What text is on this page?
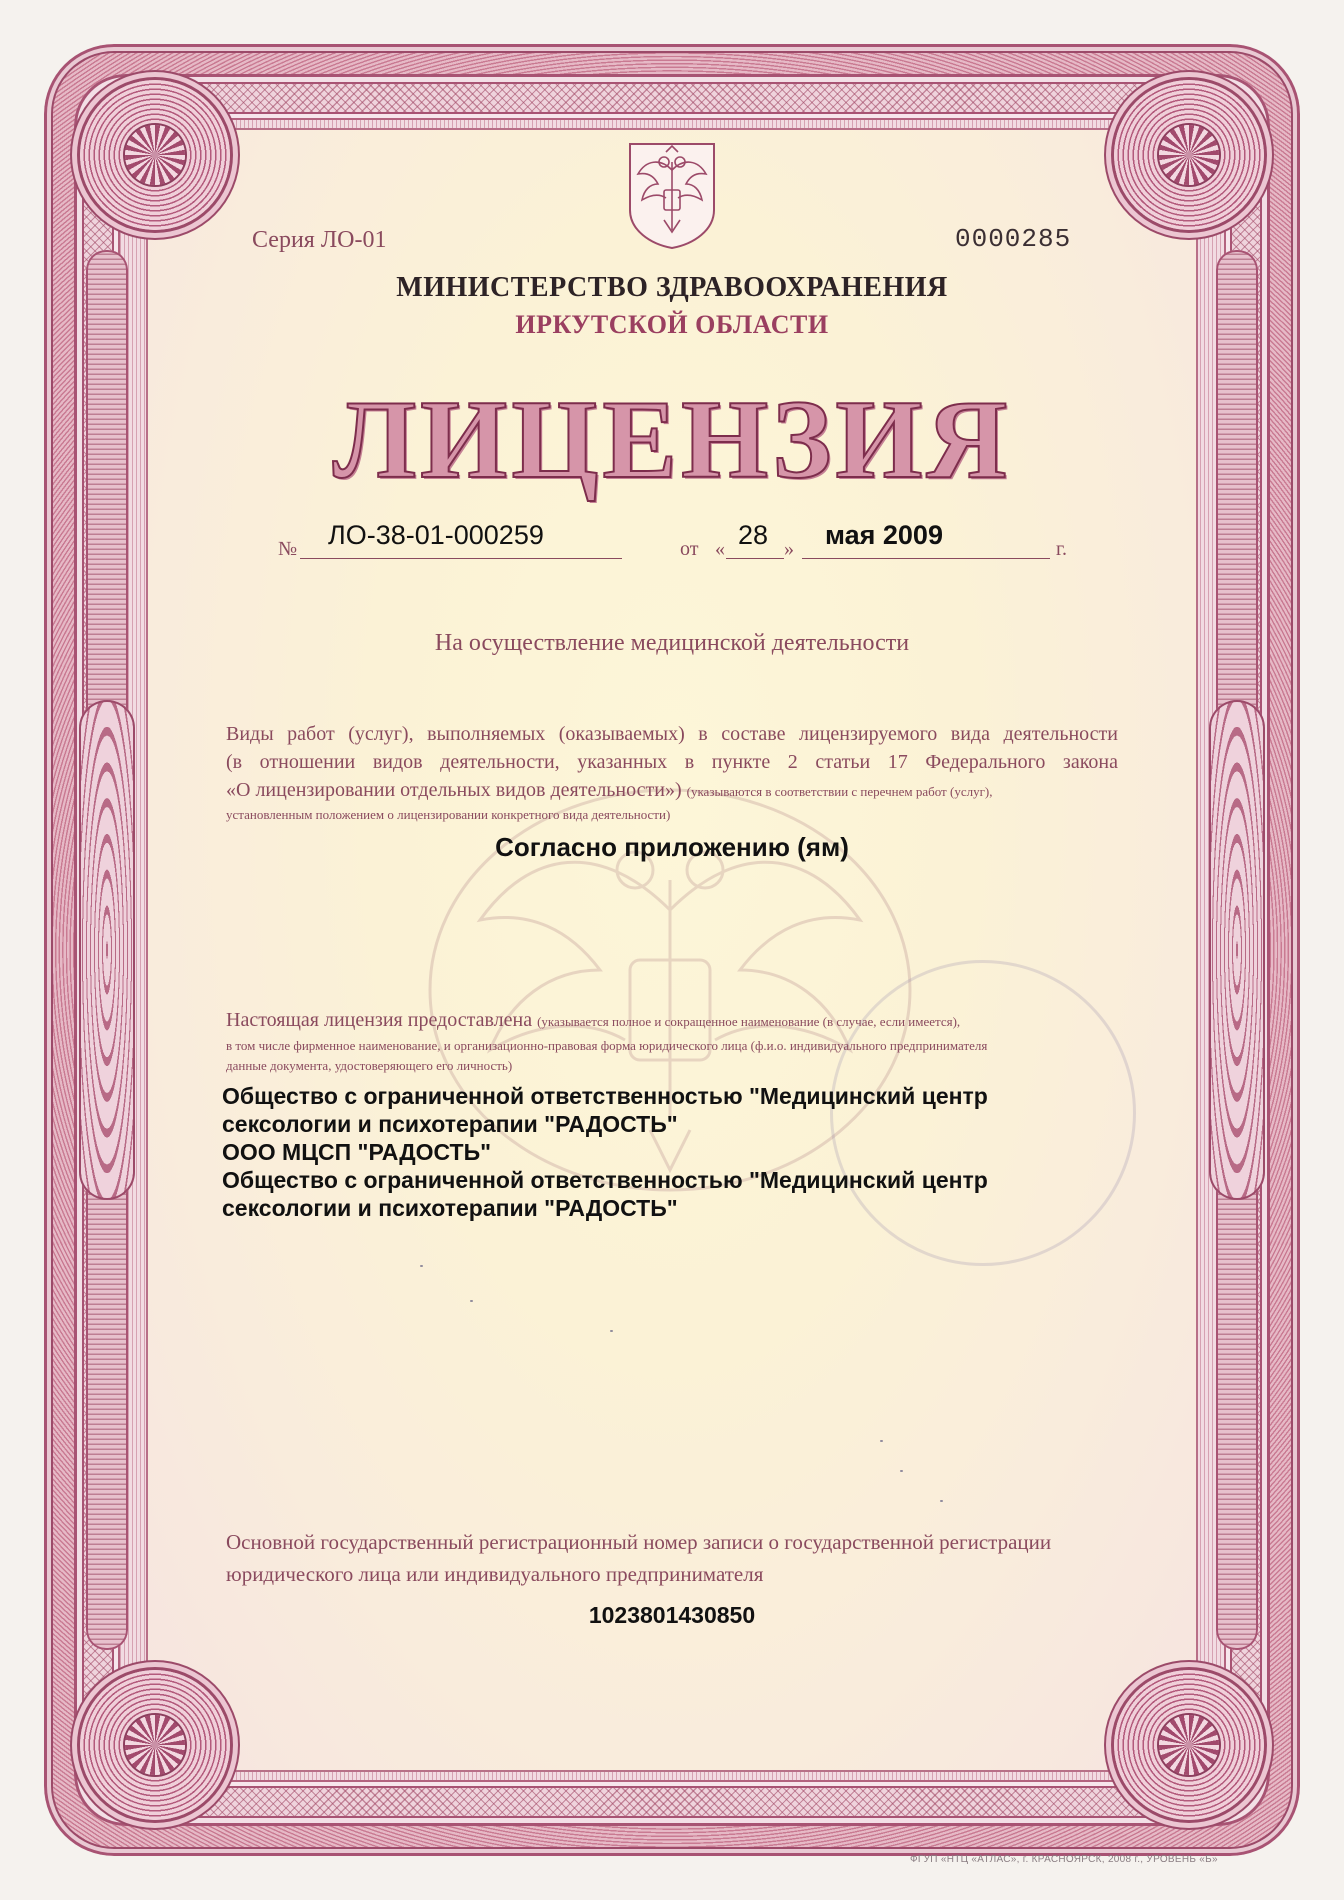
Серия ЛО-01	0000285
МИНИСТЕРСТВО ЗДРАВООХРАНЕНИЯ
ИРКУТСКОЙ ОБЛАСТИ
ЛИЦЕНЗИЯ
№ ЛО-38-01-000259	от « 28 » мая 2009	г.
На осуществление медицинской деятельности
Виды работ (услуг), выполняемых (оказываемых) в составе лицензируемого вида деятельности
(в отношении видов деятельности, указанных в пункте 2 статьи 17 Федерального закона
«О лицензировании отдельных видов деятельности») (указываются в соответствии с перечнем работ (услуг),
установленным положением о лицензировании конкретного вида деятельности)
Согласно приложению (ям)
Настоящая лицензия предоставлена (указывается полное и сокращенное наименование (в случае, если имеется),
в том числе фирменное наименование, и организационно-правовая форма юридического лица (ф.и.о. индивидуального предпринимателя
данные документа, удостоверяющего его личность)
Общество с ограниченной ответственностью "Медицинский центр
сексологии и психотерапии "РАДОСТЬ"
ООО МЦСП "РАДОСТЬ"
Общество с ограниченной ответственностью "Медицинский центр
сексологии и психотерапии "РАДОСТЬ"
Основной государственный регистрационный номер записи о государственной регистрации
юридического лица или индивидуального предпринимателя
1023801430850
ФГУП «НТЦ «АТЛАС», г. КРАСНОЯРСК, 2008 г., УРОВЕНЬ «Б»
